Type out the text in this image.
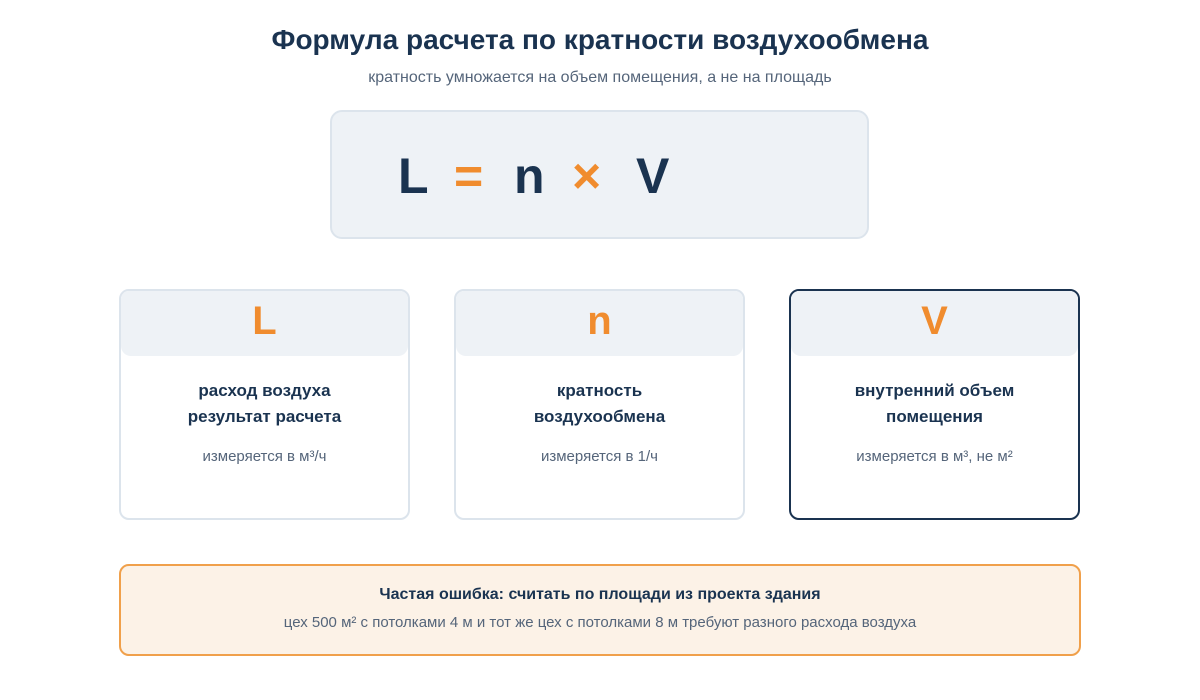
Формула расчета по кратности воздухообмена
кратность умножается на объем помещения, а не на площадь
L = n × V
L
расход воздуха
результат расчета
измеряется в м³/ч
n
кратность
воздухообмена
измеряется в 1/ч
V
внутренний объем
помещения
измеряется в м³, не м²
Частая ошибка: считать по площади из проекта здания
цех 500 м² с потолками 4 м и тот же цех с потолками 8 м требуют разного расхода воздуха
